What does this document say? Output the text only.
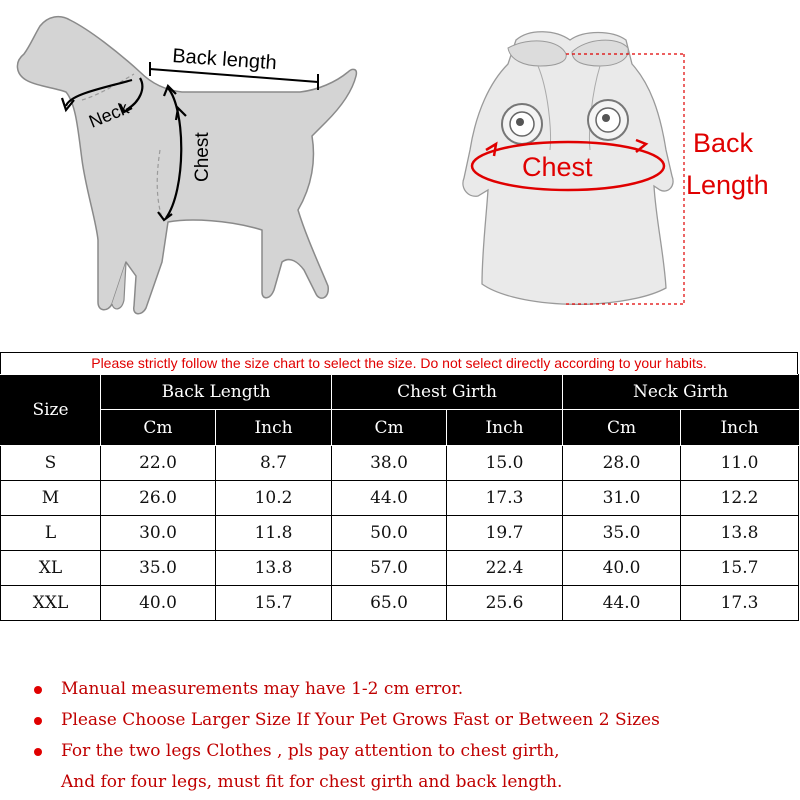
Back length
Neck
Chest	Chest
Back
Length
Please strictly follow the size chart to select the size. Do not select directly according to your habits.
Size	Back Length		Chest Girth		Neck Girth	
	Cm	Inch	Cm	Inch	Cm	Inch
S	22.0	8.7	38.0	15.0	28.0	11.0
M	26.0	10.2	44.0	17.3	31.0	12.2
L	30.0	11.8	50.0	19.7	35.0	13.8
XL	35.0	13.8	57.0	22.4	40.0	15.7
XXL	40.0	15.7	65.0	25.6	44.0	17.3
Manual measurements may have 1-2 cm error.
Please Choose Larger Size If Your Pet Grows Fast or Between 2 Sizes
For the two legs Clothes , pls pay attention to chest girth,
And for four legs, must fit for chest girth and back length.
